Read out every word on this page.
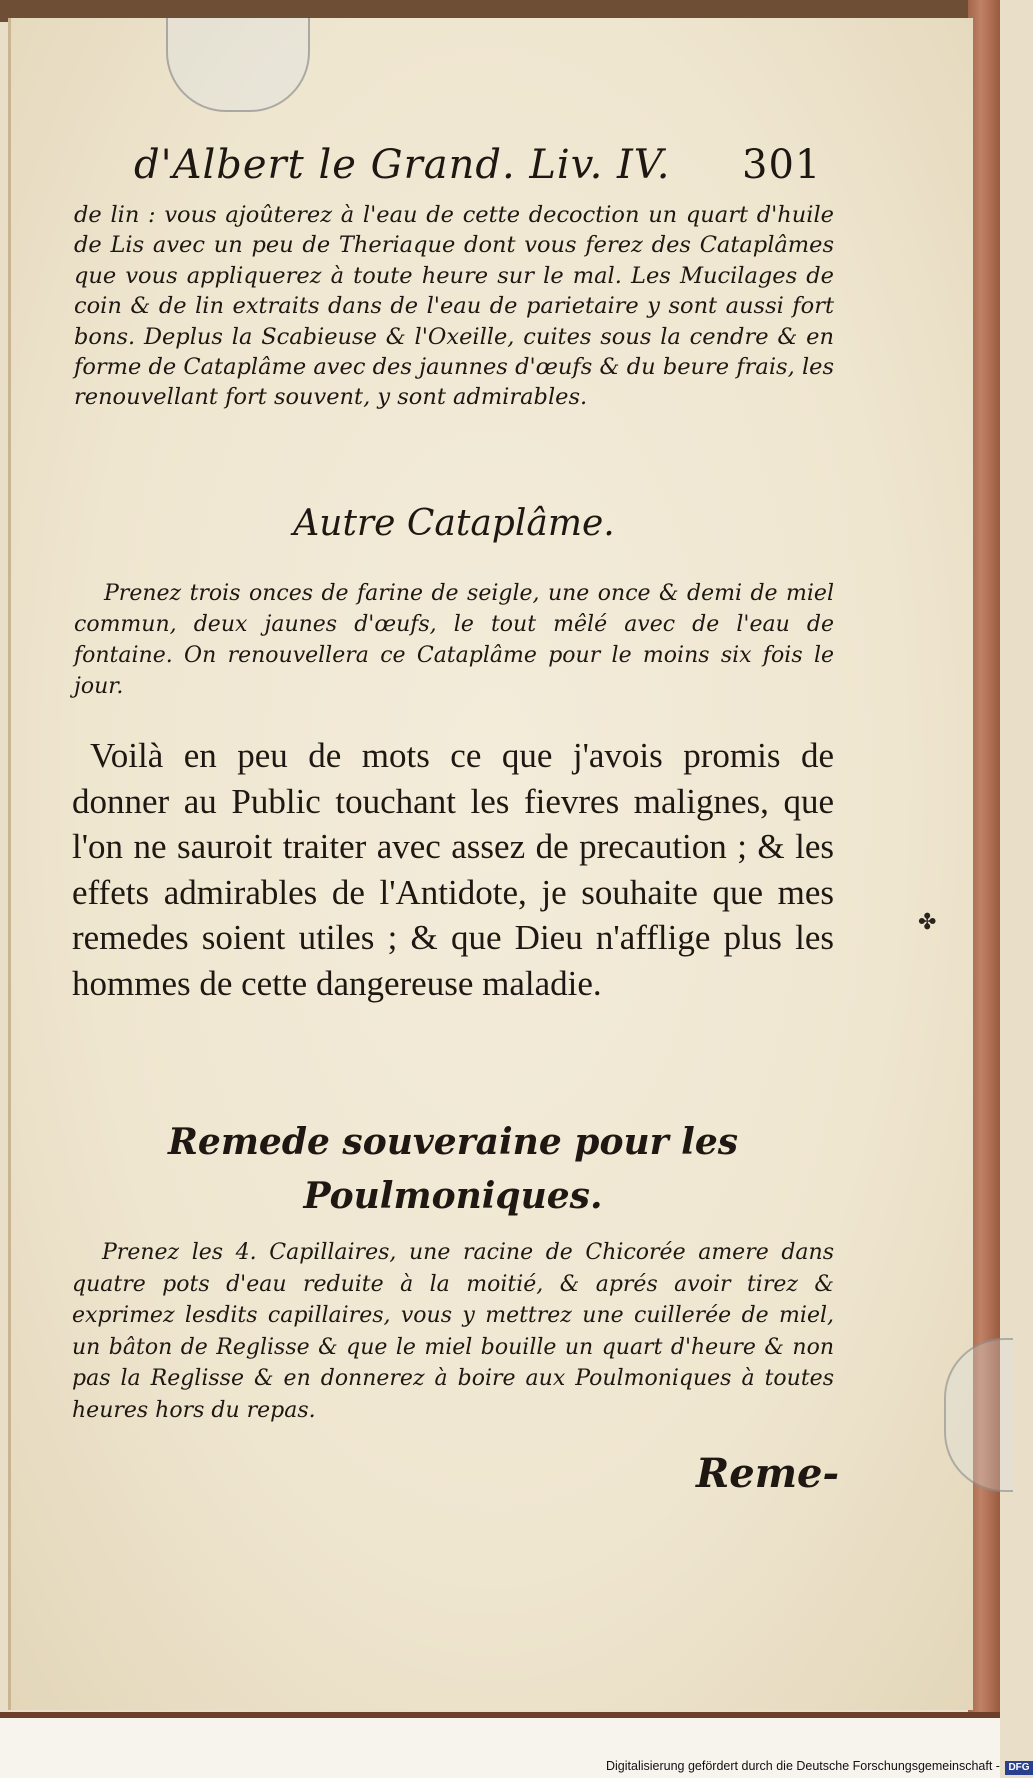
d'Albert le Grand. Liv. IV. 301
de lin : vous ajoûterez à l'eau de cette decoction un quart d'huile de Lis avec un peu de Theriaque dont vous ferez des Cataplâmes que vous appliquerez à toute heure sur le mal. Les Mucilages de coin & de lin extraits dans de l'eau de parietaire y sont aussi fort bons. Deplus la Scabieuse & l'Oxeille, cuites sous la cendre & en forme de Cataplâme avec des jaunnes d'œufs & du beure frais, les renouvellant fort souvent, y sont admirables.
Autre Cataplâme.
Prenez trois onces de farine de seigle, une once & demi de miel commun, deux jaunes d'œufs, le tout mêlé avec de l'eau de fontaine. On renouvellera ce Cataplâme pour le moins six fois le jour.
Voilà en peu de mots ce que j'avois promis de donner au Public touchant les fievres malignes, que l'on ne sauroit traiter avec assez de precaution ; & les effets admirables de l'Antidote, je souhaite que mes remedes soient utiles ; & que Dieu n'afflige plus les hommes de cette dangereuse maladie.
✤
Remede souveraine pour les Poulmoniques.
Prenez les 4. Capillaires, une racine de Chicorée amere dans quatre pots d'eau reduite à la moitié, & aprés avoir tirez & exprimez lesdits capillaires, vous y mettrez une cuillerée de miel, un bâton de Reglisse & que le miel bouille un quart d'heure & non pas la Reglisse & en donnerez à boire aux Poulmoniques à toutes heures hors du repas.
Reme-
Digitalisierung gefördert durch die Deutsche Forschungsgemeinschaft - DFG
